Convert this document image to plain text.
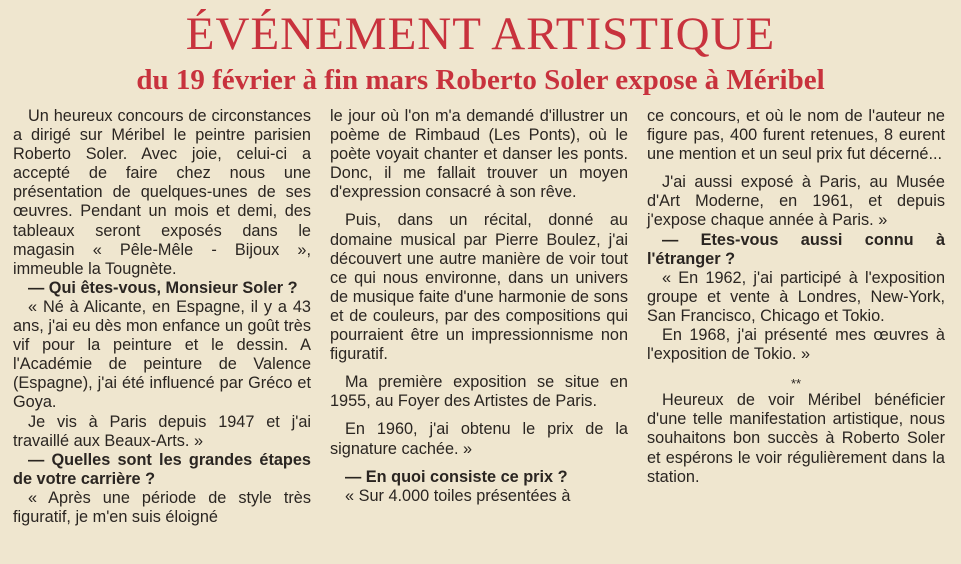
ÉVÉNEMENT ARTISTIQUE
du 19 février à fin mars Roberto Soler expose à Méribel

Un heureux concours de circonstances a dirigé sur Méribel le peintre parisien Roberto Soler. Avec joie, celui-ci a accepté de faire chez nous une présentation de quelques-unes de ses œuvres. Pendant un mois et demi, des tableaux seront exposés dans le magasin « Pêle-Mêle - Bijoux », immeuble la Tougnète.

— Qui êtes-vous, Monsieur Soler ?

« Né à Alicante, en Espagne, il y a 43 ans, j'ai eu dès mon enfance un goût très vif pour la peinture et le dessin. A l'Académie de peinture de Valence (Espagne), j'ai été influencé par Gréco et Goya.

Je vis à Paris depuis 1947 et j'ai travaillé aux Beaux-Arts. »

— Quelles sont les grandes étapes de votre carrière ?

« Après une période de style très figuratif, je m'en suis éloigné

le jour où l'on m'a demandé d'illustrer un poème de Rimbaud (Les Ponts), où le poète voyait chanter et danser les ponts. Donc, il me fallait trouver un moyen d'expression consacré à son rêve.

Puis, dans un récital, donné au domaine musical par Pierre Boulez, j'ai découvert une autre manière de voir tout ce qui nous environne, dans un univers de musique faite d'une harmonie de sons et de couleurs, par des compositions qui pourraient être un impressionnisme non figuratif.

Ma première exposition se situe en 1955, au Foyer des Artistes de Paris.

En 1960, j'ai obtenu le prix de la signature cachée. »

— En quoi consiste ce prix ?

« Sur 4.000 toiles présentées à

ce concours, et où le nom de l'auteur ne figure pas, 400 furent retenues, 8 eurent une mention et un seul prix fut décerné...

J'ai aussi exposé à Paris, au Musée d'Art Moderne, en 1961, et depuis j'expose chaque année à Paris. »

— Etes-vous aussi connu à l'étranger ?

« En 1962, j'ai participé à l'exposition groupe et vente à Londres, New-York, San Francisco, Chicago et Tokio.

En 1968, j'ai présenté mes œuvres à l'exposition de Tokio. »

**

Heureux de voir Méribel bénéficier d'une telle manifestation artistique, nous souhaitons bon succès à Roberto Soler et espérons le voir régulièrement dans la station.
